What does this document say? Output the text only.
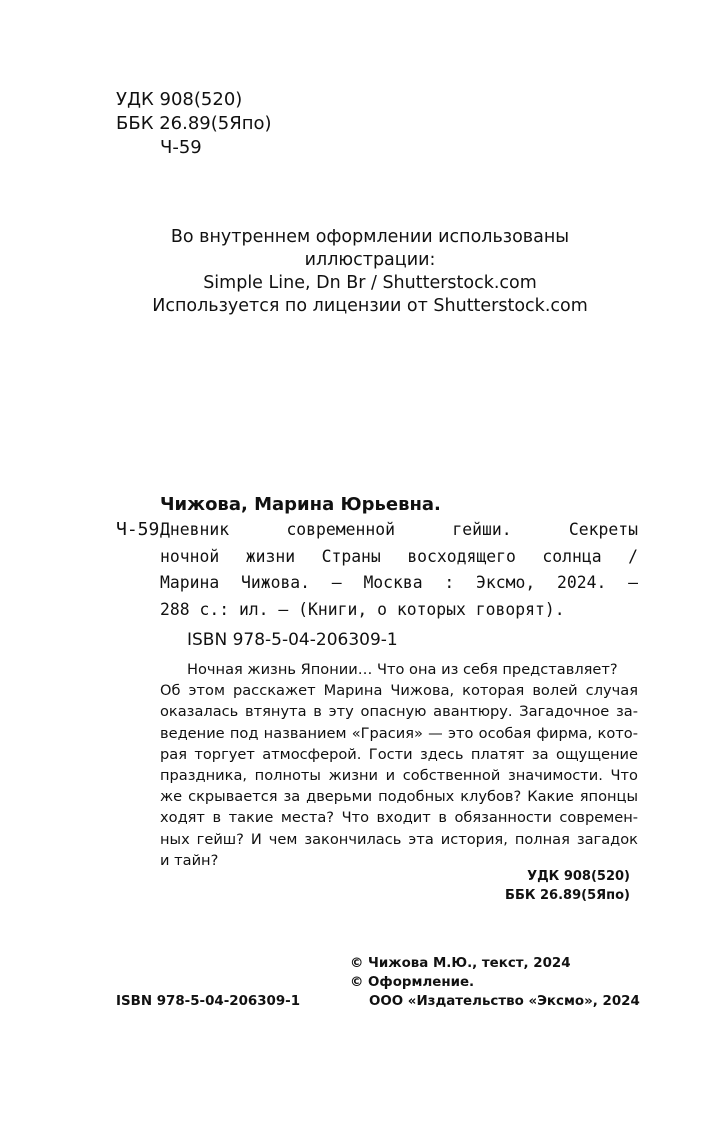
УДК 908(520)
ББК 26.89(5Япо)
Ч-59
Во внутреннем оформлении использованы
иллюстрации:
Simple Line, Dn Br / Shutterstock.com
Используется по лицензии от Shutterstock.com
Чижова, Марина Юрьевна.
Ч-59 Дневник современной гейши. Секреты
ночной жизни Страны восходящего солнца /
Марина Чижова. — Москва : Эксмо, 2024. —
288 с.: ил. — (Книги, о которых говорят).
ISBN 978-5-04-206309-1
Ночная жизнь Японии… Что она из себя представляет?
Об этом расскажет Марина Чижова, которая волей случая
оказалась втянута в эту опасную авантюру. Загадочное за-
ведение под названием «Грасия» — это особая фирма, кото-
рая торгует атмосферой. Гости здесь платят за ощущение
праздника, полноты жизни и собственной значимости. Что
же скрывается за дверьми подобных клубов? Какие японцы
ходят в такие места? Что входит в обязанности современ-
ных гейш? И чем закончилась эта история, полная загадок
и тайн?
УДК 908(520)
ББК 26.89(5Япо)
© Чижова М.Ю., текст, 2024
© Оформление.
ООО «Издательство «Эксмо», 2024
ISBN 978-5-04-206309-1
